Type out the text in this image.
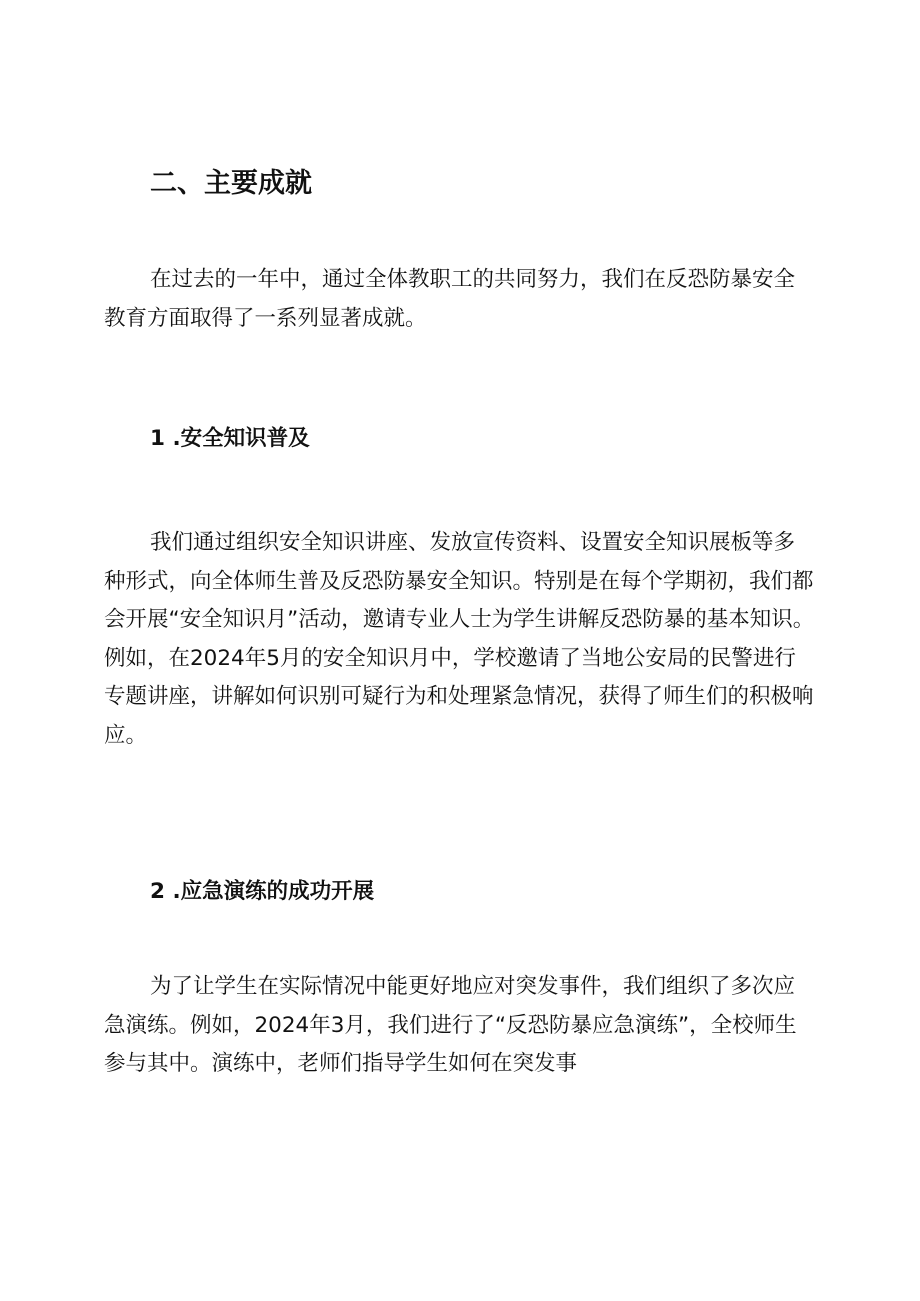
二、主要成就

在过去的一年中，通过全体教职工的共同努力，我们在反恐防暴安全教育方面取得了一系列显著成就。

1 .安全知识普及

我们通过组织安全知识讲座、发放宣传资料、设置安全知识展板等多种形式，向全体师生普及反恐防暴安全知识。特别是在每个学期初，我们都会开展“安全知识月”活动，邀请专业人士为学生讲解反恐防暴的基本知识。例如，在2024年5月的安全知识月中，学校邀请了当地公安局的民警进行专题讲座，讲解如何识别可疑行为和处理紧急情况，获得了师生们的积极响应。

2 .应急演练的成功开展

为了让学生在实际情况中能更好地应对突发事件，我们组织了多次应急演练。例如，2024年3月，我们进行了“反恐防暴应急演练”，全校师生参与其中。演练中，老师们指导学生如何在突发事
